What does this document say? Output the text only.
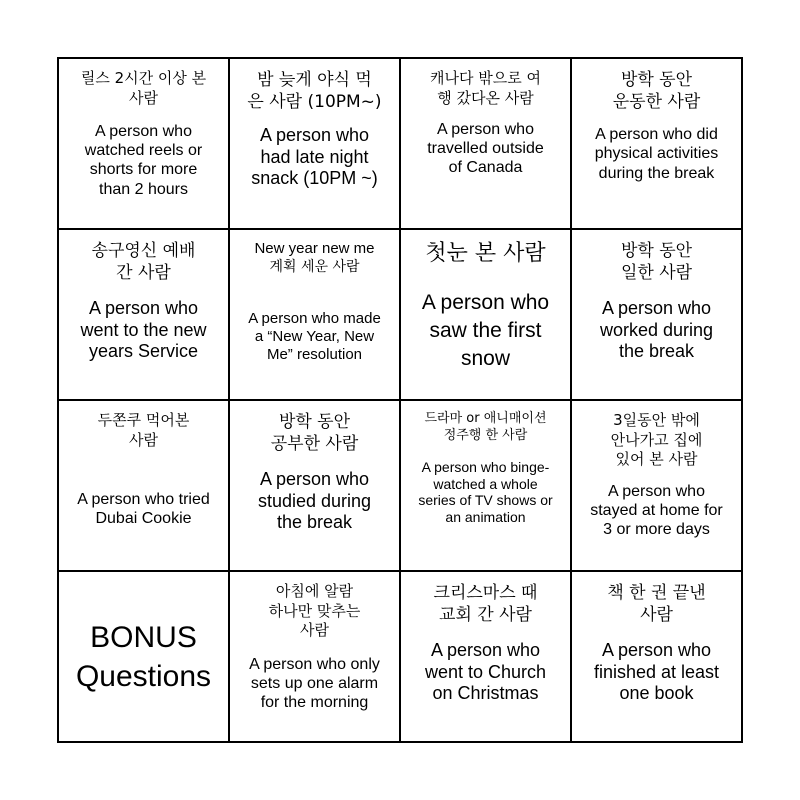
릴스 2시간 이상 본
사람
A person who
watched reels or
shorts for more
than 2 hours
밤 늦게 야식 먹
은 사람 (10PM~)
A person who
had late night
snack (10PM ~)
캐나다 밖으로 여
행 갔다온 사람
A person who
travelled outside
of Canada
방학 동안
운동한 사람
A person who did
physical activities
during the break
송구영신 예배
간 사람
A person who
went to the new
years Service
New year new me
계획 세운 사람
A person who made
a “New Year, New
Me” resolution
첫눈 본 사람
A person who
saw the first
snow
방학 동안
일한 사람
A person who
worked during
the break
두쫀쿠 먹어본
사람
A person who tried
Dubai Cookie
방학 동안
공부한 사람
A person who
studied during
the break
드라마 or 애니매이션
정주행 한 사람
A person who binge-
watched a whole
series of TV shows or
an animation
3일동안 밖에
안나가고 집에
있어 본 사람
A person who
stayed at home for
3 or more days
BONUS
Questions
아침에 알람
하나만 맞추는
사람
A person who only
sets up one alarm
for the morning
크리스마스 때
교회 간 사람
A person who
went to Church
on Christmas
책 한 권 끝낸
사람
A person who
finished at least
one book
